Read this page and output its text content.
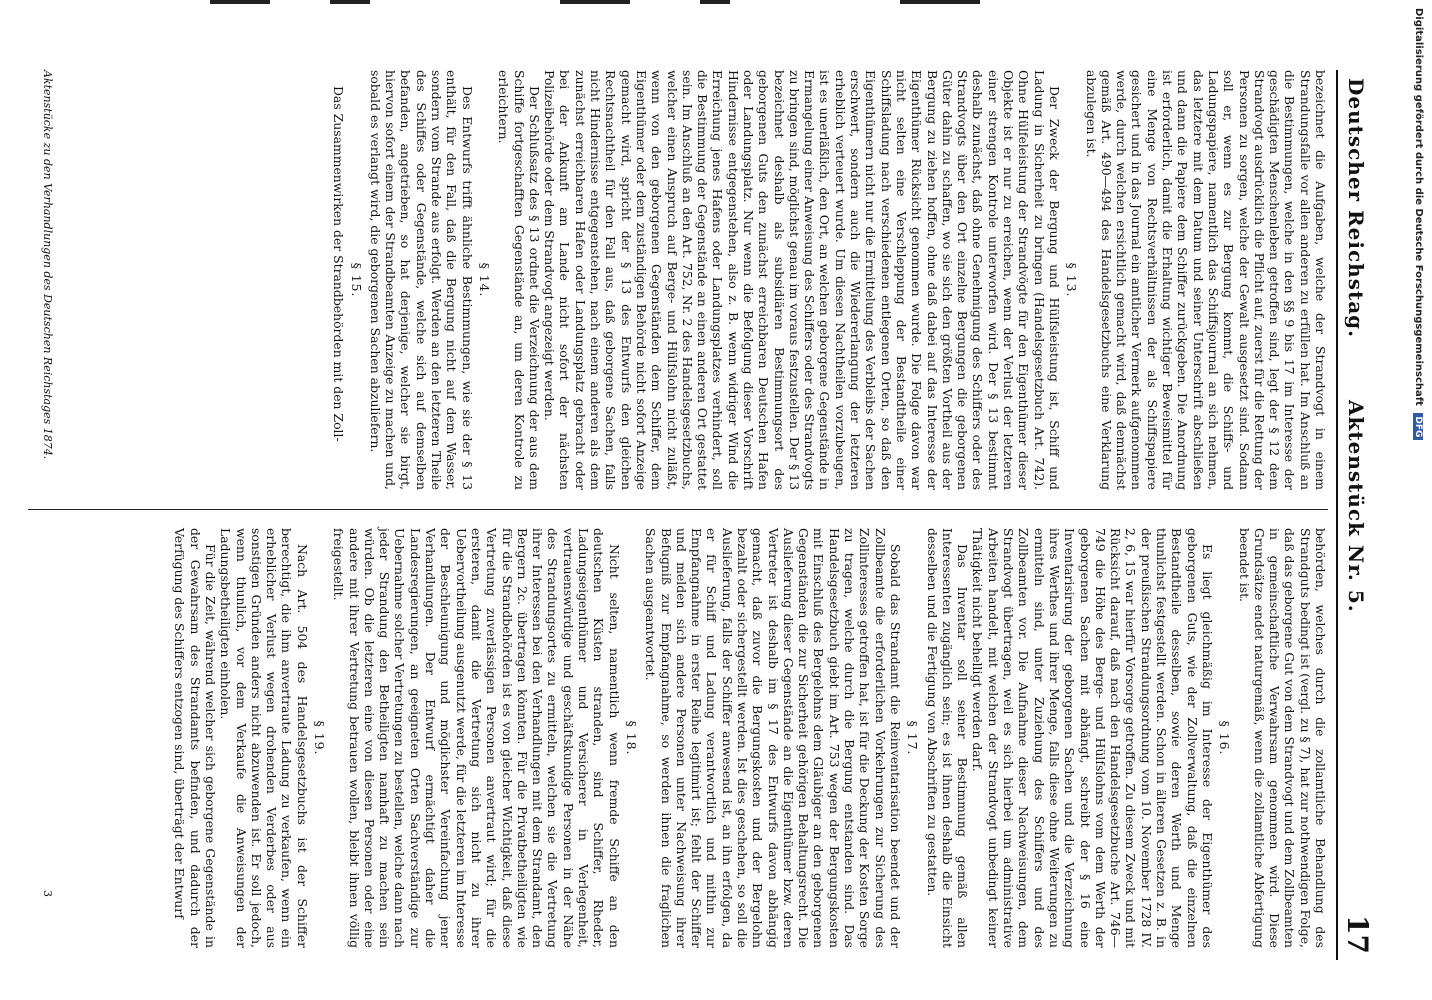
Deutscher Reichstag.
Aktenstück Nr. 5.
17

bezeichnet die Aufgaben, welche der Strandvogt in einem Strandungsfalle vor allen anderen zu erfüllen hat. Im Anschluß an die Bestimmungen, welche in den §§ 9 bis 17 im Interesse der geschädigten Menschenleben getroffen sind, legt der § 12 dem Strandvogt ausdrücklich die Pflicht auf, zuerst für die Rettung der Personen zu sorgen, welche der Gewalt ausgesetzt sind. Sodann soll er, wenn es zur Bergung kommt, die Schiffs- und Ladungspapiere, namentlich das Schiffsjournal an sich nehmen, das letztere mit dem Datum und seiner Unterschrift abschließen und dann die Papiere dem Schiffer zurückgeben. Die Anordnung ist erforderlich, damit die Erhaltung wichtiger Beweismittel für eine Menge von Rechtsverhältnissen der als Schiffspapiere gesichert und in das Journal ein amtlicher Vermerk aufgenommen werde, durch welchen ersichtlich gemacht wird, daß demnächst gemäß Art. 490—494 des Handelsgesetzbuchs eine Verklarung abzulegen ist.

§ 13.

Der Zweck der Bergung und Hülfsleistung ist, Schiff und Ladung in Sicherheit zu bringen (Handelsgesetzbuch Art. 742). Ohne Hülfeleistung der Strandvögte für den Eigenthümer dieser Objekte ist er nur zu erreichen, wenn der Verlust der letzteren einer strengen Kontrole unterworfen wird. Der § 13 bestimmt deshalb zunächst, daß ohne Genehmigung des Schiffers oder des Strandvogts über den Ort einzelne Bergungen die geborgenen Güter dahin zu schaffen, wo sie sich den größten Vortheil aus der Bergung zu ziehen hoffen, ohne daß dabei auf das Interesse der Eigenthümer Rücksicht genommen wurde. Die Folge davon war nicht selten eine Verschleppung der Bestandtheile einer Schiffsladung nach verschiedenen entlegenen Orten, so daß den Eigenthümern nicht nur die Ermittelung des Verbleibs der Sachen erschwert, sondern auch die Wiedererlangung der letzteren erheblich verteuert wurde. Um diesen Nachtheilen vorzubeugen, ist es unerläßlich, den Ort, an welchen geborgene Gegenstände in Ermangelung einer Anweisung des Schiffers oder des Strandvogts zu bringen sind, möglichst genau im voraus festzustellen. Der § 13 bezeichnet deshalb als subsidiären Bestimmungsort des geborgenen Guts den zunächst erreichbaren Deutschen Hafen oder Landungsplatz. Nur wenn die Befolgung dieser Vorschrift Hindernisse entgegenstehen, also z. B. wenn widriger Wind die Erreichung jenes Hafens oder Landungsplatzes verhindert, soll die Bestimmung der Gegenstände an einen anderen Ort gestattet sein. Im Anschluß an den Art. 752, Nr. 2 des Handelsgesetzbuchs, welcher einen Anspruch auf Berge- und Hülfslohn nicht zuläßt, wenn von den geborgenen Gegenständen dem Schiffer, dem Eigenthümer oder dem zuständigen Behörde nicht sofort Anzeige gemacht wird, spricht der § 13 des Entwurfs den gleichen Rechtsnachtheil für den Fall aus, daß geborgene Sachen, falls nicht Hindernisse entgegenstehen, nach einem anderen als dem zunächst erreichbaren Hafen oder Landungsplatz gebracht oder bei der Ankunft am Lande nicht sofort der nächsten Polizeibehörde oder dem Strandvogt angezeigt werden.

Der Schlußsatz des § 13 ordnet die Verzeichnung der aus dem Schiffe fortgeschafften Gegenstände an, um deren Kontrole zu erleichtern.

§ 14.

Des Entwurfs trifft ähnliche Bestimmungen, wie sie der § 13 enthält, für den Fall, daß die Bergung nicht auf dem Wasser, sondern vom Strande aus erfolgt. Werden an den letzteren Theile des Schiffes oder Gegenstände, welche sich auf demselben befanden, angetrieben, so hat derjenige, welcher sie birgt, hiervon sofort einem der Strandbeamten Anzeige zu machen und, sobald es verlangt wird, die geborgenen Sachen abzuliefern.

§ 15.

Das Zusammenwirken der Strandbehörden mit den Zoll-

behörden, welches durch die zollamtliche Behandlung des Strandguts bedingt ist (vergl. zu § 7), hat zur nothwendigen Folge, daß das geborgene Gut von dem Strandvogt und dem Zollbeamten in gemeinschaftliche Verwahrsam genommen wird. Diese Grundsätze endet naturgemäß, wenn die zollamtliche Abfertigung beendet ist.

§ 16.

Es liegt gleichmäßig im Interesse der Eigenthümer des geborgenen Guts, wie der Zollverwaltung, daß die einzelnen Bestandtheile desselben, sowie deren Werth und Menge thunlichst festgestellt werden. Schon in älteren Gesetzen z. B. in der preußischen Strandungsordnung vom 10. November 1728 IV. 2, 6, 15 war hierfür Vorsorge getroffen. Zu diesem Zweck und mit Rücksicht darauf, daß nach den Handelsgesetzbuche Art. 746—749 die Höhe des Berge- und Hülfslohns vom dem Werth der geborgenen Sachen mit abhängt, schreibt der § 16 eine Inventarisirung der geborgenen Sachen und die Verzeichnung ihres Werthes und ihrer Menge, falls diese ohne Weiterungen zu ermitteln sind, unter Zuziehung des Schiffers und des Zollbeamten vor. Die Aufnahme dieser Nachweisungen, dem Strandvogt übertragen, weil es sich hierbei um administrative Arbeiten handelt, mit welchen der Strandvogt unbedingt keiner Thätigkeit nicht behelligt werden darf.

Das Inventar soll seiner Bestimmung gemäß allen Interessenten zugänglich sein; es ist ihnen deshalb die Einsicht desselben und die Fertigung von Abschriften zu gestatten.

§ 17.

Sobald das Strandamt die Reinventarisation beendet und der Zollbeamte die erforderlichen Vorkehrungen zur Sicherung des Zollinteresses getroffen hat, ist für die Deckung der Kosten Sorge zu tragen, welche durch die Bergung entstanden sind. Das Handelsgesetzbuch giebt im Art. 753 wegen der Bergungskosten mit Einschluß des Bergelohns dem Gläubiger an den geborgenen Gegenständen die zur Sicherheit gehörigen Behaltungsrecht. Die Auslieferung dieser Gegenstände an die Eigenthümer bzw. deren Vertreter ist deshalb im § 17 des Entwurfs davon abhängig gemacht, daß zuvor die Bergungskosten und der Bergelohn bezahlt oder sichergestellt werden. Ist dies geschehen, so soll die Auslieferung, falls der Schiffer anwesend ist, an ihn erfolgen, da er für Schiff und Ladung verantwortlich und mithin zur Empfangnahme in erster Reihe legitimirt ist; fehlt der Schiffer und melden sich andere Personen unter Nachweisung ihrer Befugniß zur Empfangnahme, so werden ihnen die fraglichen Sachen ausgeantwortet.

§ 18.

Nicht selten, namentlich wenn fremde Schiffe an den deutschen Küsten stranden, sind Schiffer, Rheder, Ladungseigenthümer und Versicherer in Verlegenheit, vertrauenswürdige und geschäftskundige Personen in der Nähe des Strandungsortes zu ermitteln, welchen sie die Vertretung ihrer Interessen bei den Verhandlungen mit dem Strandamt, den Bergern 2c. übertragen könnten. Für die Privatbetheiligten wie für die Strandbehörden ist es von gleicher Wichtigkeit, daß diese Vertretung zuverlässigen Personen anvertraut wird; für die ersteren, damit die Vertretung sich nicht zu ihrer Uebervortheilung ausgenutzt werde, für die letzteren im Interesse der Beschleunigung und möglichster Vereinfachung jener Verhandlungen. Der Entwurf ermächtigt daher die Landesregierungen, an geeigneten Orten Sachverständige zur Uebernahme solcher Vertretungen zu bestellen, welche dann nach jeder Strandung den Betheiligten namhaft zu machen sein würden. Ob die letzteren eine von diesen Personen oder eine andere mit ihrer Vertretung betrauen wollen, bleibt ihnen völlig freigestellt.

§ 19.

Nach Art. 504 des Handelsgesetzbuchs ist der Schiffer berechtigt, die ihm anvertraute Ladung zu verkaufen, wenn ein erheblicher Verlust wegen drohenden Verderbes oder aus sonstigen Gründen anders nicht abzuwenden ist. Er soll jedoch, wenn thunlich, vor dem Verkaufe die Anweisungen der Ladungsbetheiligten einholen.

Für die Zeit, während welcher sich geborgene Gegenstände in der Gewahrsam des Strandamts befinden, und dadurch der Verfügung des Schiffers entzogen sind, überträgt der Entwurf

Aktenstücke zu den Verhandlungen des Deutschen Reichstages 1874.
3
Digitalisierung gefördert durch die Deutsche Forschungsgemeinschaft DFG
